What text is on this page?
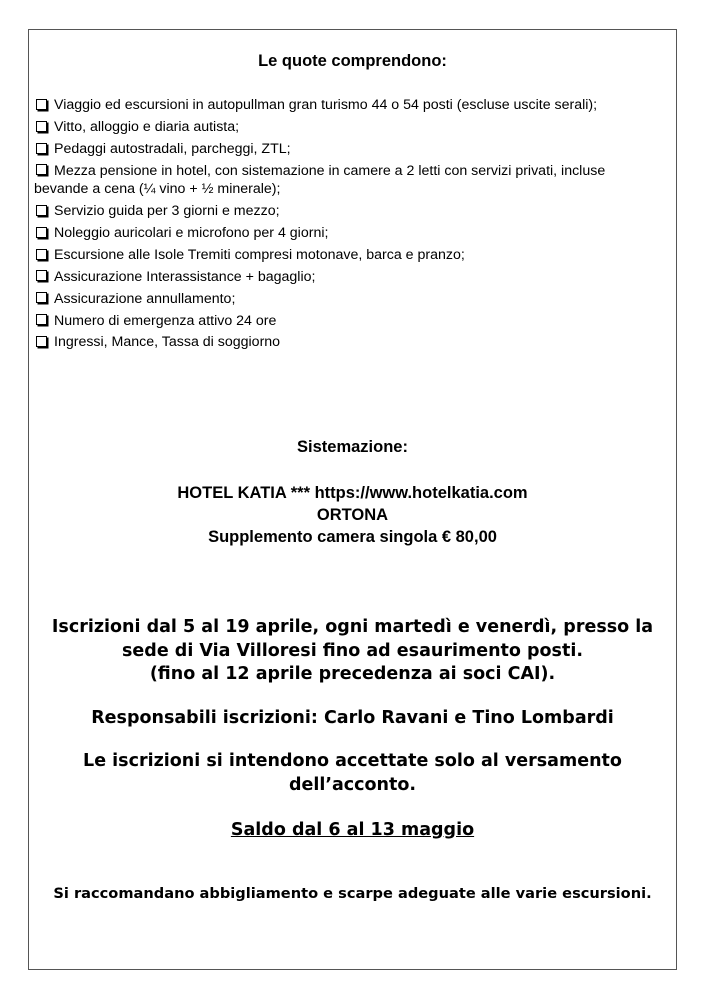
Le quote comprendono:
Viaggio ed escursioni in autopullman gran turismo 44 o 54 posti (escluse uscite serali);
Vitto, alloggio e diaria autista;
Pedaggi autostradali, parcheggi, ZTL;
Mezza pensione in hotel, con sistemazione in camere a 2 letti con servizi privati, incluse bevande a cena (¼ vino + ½ minerale);
Servizio guida per 3 giorni e mezzo;
Noleggio auricolari e microfono per 4 giorni;
Escursione alle Isole Tremiti compresi motonave, barca e pranzo;
Assicurazione Interassistance + bagaglio;
Assicurazione annullamento;
Numero di emergenza attivo 24 ore
Ingressi, Mance, Tassa di soggiorno
Sistemazione:
HOTEL KATIA *** https://www.hotelkatia.com
ORTONA
Supplemento camera singola € 80,00
Iscrizioni dal 5 al 19 aprile, ogni martedì e venerdì, presso la
sede di Via Villoresi fino ad esaurimento posti.
(fino al 12 aprile precedenza ai soci CAI).
Responsabili iscrizioni: Carlo Ravani e Tino Lombardi
Le iscrizioni si intendono accettate solo al versamento
dell’acconto.
Saldo dal 6 al 13 maggio
Si raccomandano abbigliamento e scarpe adeguate alle varie escursioni.
